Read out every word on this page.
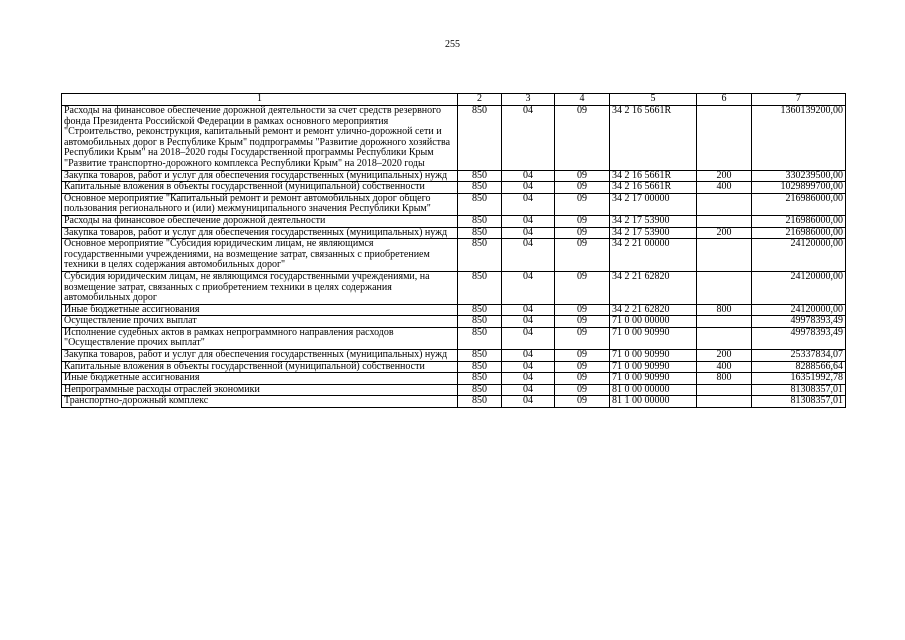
255
1	2	3	4	5	6	7
Расходы на финансовое обеспечение дорожной деятельности за счет средств резервного фонда Президента Российской Федерации в рамках основного мероприятия "Строительство, реконструкция, капитальный ремонт и ремонт улично-дорожной сети и автомобильных дорог в Республике Крым" подпрограммы "Развитие дорожного хозяйства Республики Крым" на 2018–2020 годы Государственной программы Республики Крым "Развитие транспортно-дорожного комплекса Республики Крым" на 2018–2020 годы	850	04	09	34 2 16 5661R		1360139200,00
Закупка товаров, работ и услуг для обеспечения государственных (муниципальных) нужд	850	04	09	34 2 16 5661R	200	330239500,00
Капитальные вложения в объекты государственной (муниципальной) собственности	850	04	09	34 2 16 5661R	400	1029899700,00
Основное мероприятие "Капитальный ремонт и ремонт автомобильных дорог общего пользования регионального и (или) межмуниципального значения Республики Крым"	850	04	09	34 2 17 00000		216986000,00
Расходы на финансовое обеспечение дорожной деятельности	850	04	09	34 2 17 53900		216986000,00
Закупка товаров, работ и услуг для обеспечения государственных (муниципальных) нужд	850	04	09	34 2 17 53900	200	216986000,00
Основное мероприятие "Субсидия юридическим лицам, не являющимся государственными учреждениями, на возмещение затрат, связанных с приобретением техники в целях содержания автомобильных дорог"	850	04	09	34 2 21 00000		24120000,00
Субсидия юридическим лицам, не являющимся государственными учреждениями, на возмещение затрат, связанных с приобретением техники в целях содержания автомобильных дорог	850	04	09	34 2 21 62820		24120000,00
Иные бюджетные ассигнования	850	04	09	34 2 21 62820	800	24120000,00
Осуществление прочих выплат	850	04	09	71 0 00 00000		49978393,49
Исполнение судебных актов в рамках непрограммного направления расходов "Осуществление прочих выплат"	850	04	09	71 0 00 90990		49978393,49
Закупка товаров, работ и услуг для обеспечения государственных (муниципальных) нужд	850	04	09	71 0 00 90990	200	25337834,07
Капитальные вложения в объекты государственной (муниципальной) собственности	850	04	09	71 0 00 90990	400	8288566,64
Иные бюджетные ассигнования	850	04	09	71 0 00 90990	800	16351992,78
Непрограммные расходы отраслей экономики	850	04	09	81 0 00 00000		81308357,01
Транспортно-дорожный комплекс	850	04	09	81 1 00 00000		81308357,01
